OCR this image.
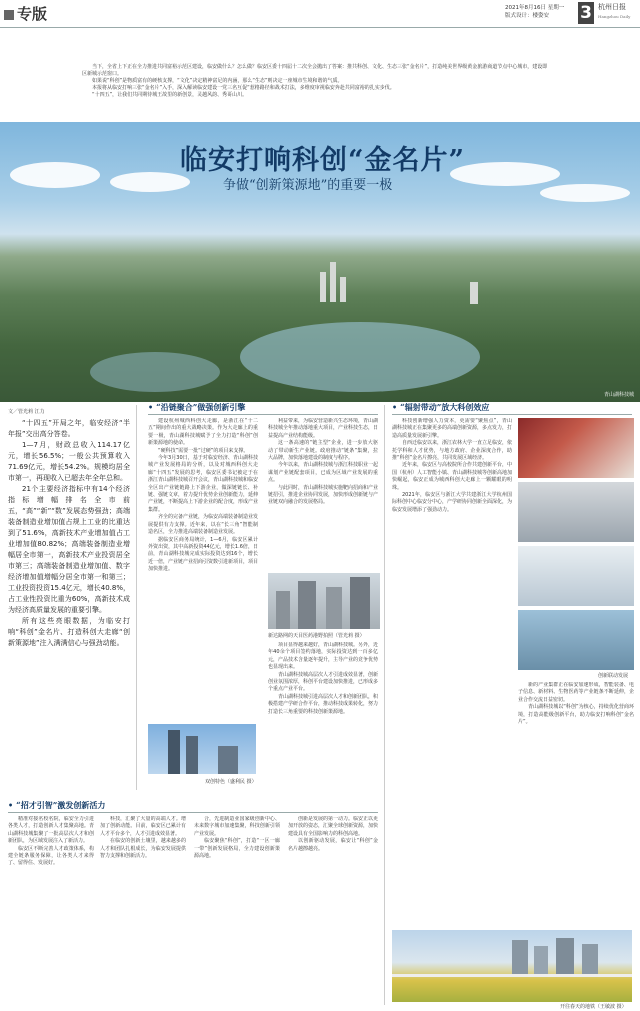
专版	2021年8月16日 星期一
版式设计：楼姿安	3 杭州日报
Hangzhou Daily

当下，全省上下正在全力推进共同富裕示范区建设，临安做什么？怎么做？临安区委十四届十二次全会抛出了答案：推共科创、文化、生态三张“金名片”，打造纯美世界级黄金旅游商道节点中心城市，建设即区新城示范窗口。

如果说“科创”是物质富有的硬核支撑，“文化”决定精神富足的内涵，那么“生态”则决定一座城市生境和谐的气质。

本报将从临安打响三张“金名片”入手，深入解读临安建设一党三名互促“惹格路径和战术打法，多维度审视临安奔赴共同富裕的扎实步伐。

“十四五”，让我们共同期待城王故里的新创景，灵越风韵、秀哥山川。

临安打响科创“金名片”
争做“创新策源地”的重要一极
青山湖科技城
文／管光莉 江力

“十四五”开局之年，临安经济“半年报”交出高分答卷。

1—7月，财政总收入114.17亿元，增长56.5%；一般公共预算收入71.69亿元，增长54.2%。规模均居全市第一，再现收入已超去年全年总和。

21个主要经济指标中有14个经济指标增幅排名全市前五，“高”“新”“数”发展态势强劲；高端装备制造业增加值占规上工业的比重达到了51.6%，高新技术产业增加值占工业增加值80.82%；高端装备制造业增幅居全市第一，高新技术产业投资居全市第三；高端装备制造业增加值、数字经济增加值增幅分居全市第一和第三；工业投资投资15.4亿元，增长40.8%，占工业性投资比重为60%，高新技术成为经济高质量发展的重要引擎。

所有这些亮眼数据，为临安打响“科创”金名片、打造科创大走廊“创新策源地”注入满满信心与强劲动能。

• “沿链聚合”做强创新引擎

建设杭州城西科创大走廊，是浙江在“十二五”期间作出的重大战略决策。作为大走廊上的重要一极，青山湖科技城赋予了全力打造“科创”创新策源地的使命。

“硬科技”需要一批“过硬”的项目来支撑。

今年3月30日，基于对临安经济、青山湖科技城产业发展格局的分析，以及对城西科创大走廊“十四五”发展的思考，临安区委书记被定于在浙江青山湖科技城召开会议，青山湖科技城和临安全区出产业链链路上下游企业，做深链链长、补链、强链文章，着力提升优势企业创新能力，延伸产业链，不断提高上下游企业的配合度，形成产业集群。

齐全的完备产业链，为临安高端装备制造业发展提供有力支撑。近年来，以在“长三角”智能制造名区，全力推进高端装备制造业发展。

据临安区商务局统计，1—6月，临安区累计外资出资，其中高新投资44亿元，增长1.6倍，日前，青山湖科技城完成实际投资达到16个，增长近一倍，产业链产业招商引资数引进新项目，项目加快推进。

双创特色（盛利民 摄）

利益带来，为临安营造新兴生态环境，青山湖科技城全年推动落地重大项目，产业科技生态，日益提高产业结构能级。

这一条高速的“链主型”企业，进一步放大驱动了带动新生产业链。政府推动“链条”集聚，拉大品牌，加快落地建设的制度与程序。

今年以来，青山湖科技城与浙江科技职业一起谋划产业链配套项目，已成为区域产业发展的重点。

与此同时，青山湖科技城实施靶向招商和产业链招引，推进企业协同发展，加快形成创新链与产业链双向融合的发展格局。

新达路网的天目医药港野拍照（管光莉 摄）

项目显得越来越好，青山湖科技城。另外，近年40余个项目签约落地，实际投资达到一百多亿元，产品技术含量逐年提升，主导产业的竞争优势也显现出来。

青山湖科技城高层次人才引进成效显著，创新创业氛围浓厚，科创平台建设加快推进，已形成多个重点产业平台。

青山湖科技城引进高层次人才和创新团队，积极搭建产学研合作平台，推动科技成果转化，努力打造长三角重要的科技创新策源地。

• “辐射带动”放大科创效应

科技创新增强人力资本，更需要“聚焦点”，青山湖科技城正在集聚更多的高端创新资源，多点发力，打造高质量发展新引擎。

自西迁临安以来，浙江农林大学一直立足临安，依托学科和人才优势，与地方政府、企业深度合作，助推“科创”金名片擦亮，共同发展区域经济。

近年来，临安区与高校院所合作共建创新平台，中国（杭州）人工智能小镇、青山湖科技城等创新高地加快崛起，临安正成为城西科创大走廊上一颗耀眼的明珠。

2021年，临安区与浙江大学共建浙江大学杭州国际科创中心临安分中心，产学研协同创新全面深化，为临安发展增添了强劲动力。

创新联动发展

新的产业集群正在临安加速形成，智能装备、电子信息、新材料、生物医药等产业链条不断延伸，企业合作交流日益密切。

青山湖科技城以“科创”为核心，持续优化营商环境，打造高能级创新平台，助力临安打响科创“金名片”。

• “招才引智”激发创新活力

精准对接名校名院，临安全力引进各类人才，打造创新人才集聚高地。青山湖科技城集聚了一批高层次人才和创新团队，为区域发展注入了新活力。

临安区不断完善人才政策体系，构建全链条服务保障，让各类人才来得了、留得住、发展好。

科技，汇聚了大量的高端人才。增加了创新动能。目前，临安区已累计有人才平台多个，人才引进成效显著。

在临安的创新土壤里，越来越多的人才和团队扎根成长，为临安发展提供智力支撑和创新活力。

合，先进制造业国家级创新中心、未来数字城市加速集聚，科技创新引领产业发展。

临安聚焦“科创”，打造“一区一廊一带”创新发展格局，全力建设创新策源高地。

创新是发展的第一动力。临安正以更加开放的姿态，汇聚全球创新资源，加快建设具有全国影响力的科创高地。

以创新驱动发展，临安让“科创”金名片越擦越亮。

开往春天的地铁（王敏波 摄）
